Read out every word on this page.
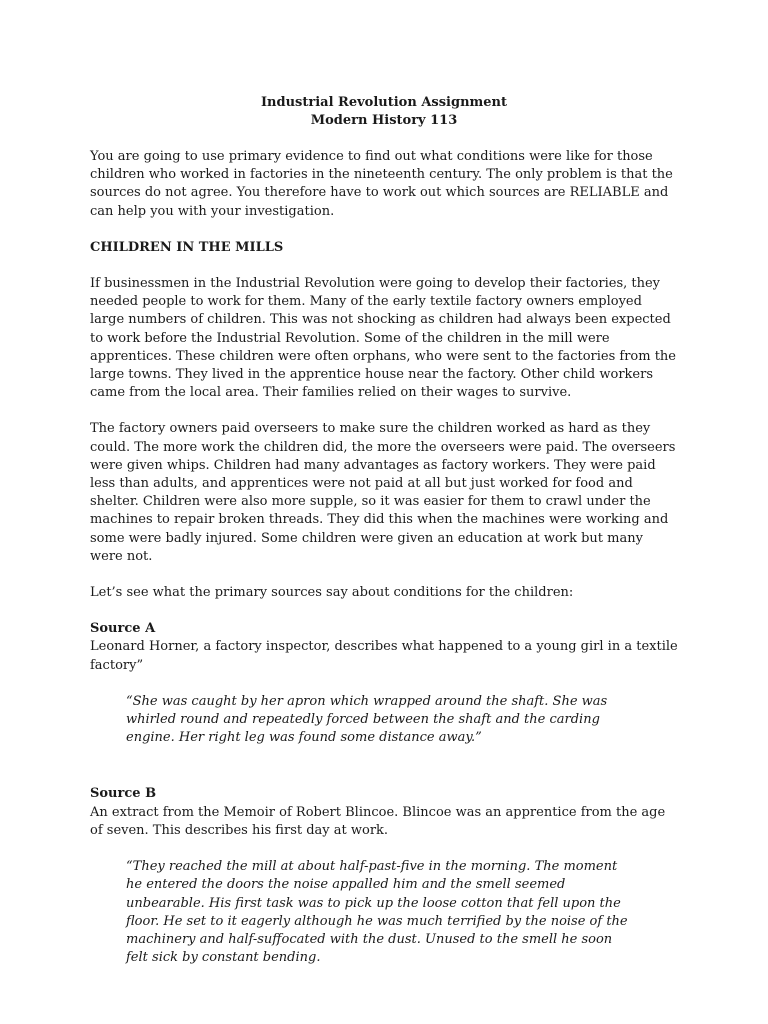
Industrial Revolution Assignment
Modern History 113

You are going to use primary evidence to find out what conditions were like for those children who worked in factories in the nineteenth century. The only problem is that the sources do not agree. You therefore have to work out which sources are RELIABLE and can help you with your investigation.

CHILDREN IN THE MILLS

If businessmen in the Industrial Revolution were going to develop their factories, they needed people to work for them. Many of the early textile factory owners employed large numbers of children. This was not shocking as children had always been expected to work before the Industrial Revolution. Some of the children in the mill were apprentices. These children were often orphans, who were sent to the factories from the large towns. They lived in the apprentice house near the factory. Other child workers came from the local area. Their families relied on their wages to survive.

The factory owners paid overseers to make sure the children worked as hard as they could. The more work the children did, the more the overseers were paid. The overseers were given whips. Children had many advantages as factory workers. They were paid less than adults, and apprentices were not paid at all but just worked for food and shelter. Children were also more supple, so it was easier for them to crawl under the machines to repair broken threads. They did this when the machines were working and some were badly injured. Some children were given an education at work but many were not.

Let’s see what the primary sources say about conditions for the children:

Source A
Leonard Horner, a factory inspector, describes what happened to a young girl in a textile factory”
“She was caught by her apron which wrapped around the shaft. She was whirled round and repeatedly forced between the shaft and the carding engine. Her right leg was found some distance away.”
Source B
An extract from the Memoir of Robert Blincoe. Blincoe was an apprentice from the age of seven. This describes his first day at work.
“They reached the mill at about half-past-five in the morning. The moment he entered the doors the noise appalled him and the smell seemed unbearable. His first task was to pick up the loose cotton that fell upon the floor. He set to it eagerly although he was much terrified by the noise of the machinery and half-suffocated with the dust. Unused to the smell he soon felt sick by constant bending.
